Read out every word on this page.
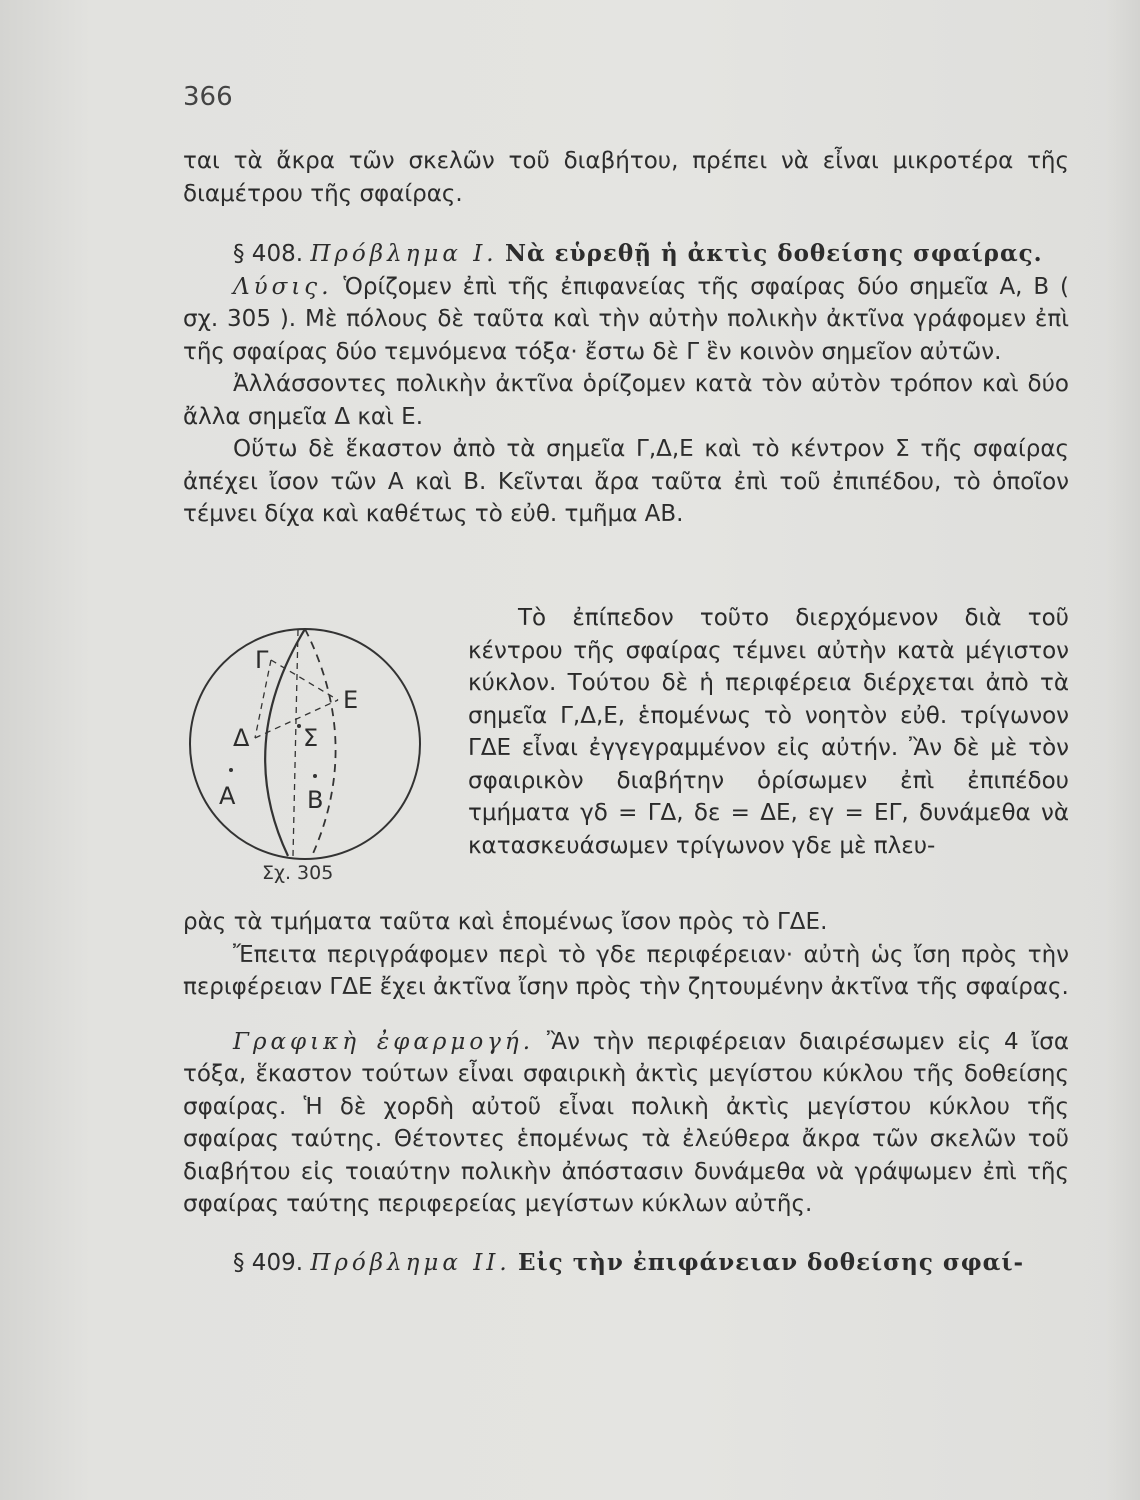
366

ται τὰ ἄκρα τῶν σκελῶν τοῦ διαβήτου, πρέπει νὰ εἶναι μικροτέρα τῆς διαμέτρου τῆς σφαίρας.

§ 408. Πρόβλημα Ι. Νὰ εὑρεθῇ ἡ ἀκτὶς δοθείσης σφαίρας.

Λύσις. Ὁρίζομεν ἐπὶ τῆς ἐπιφανείας τῆς σφαίρας δύο σημεῖα Α, Β ( σχ. 305 ). Μὲ πόλους δὲ ταῦτα καὶ τὴν αὐτὴν πολικὴν ἀκτῖνα γράφομεν ἐπὶ τῆς σφαίρας δύο τεμνόμενα τόξα· ἔστω δὲ Γ ἓν κοινὸν σημεῖον αὐτῶν.

Ἀλλάσσοντες πολικὴν ἀκτῖνα ὁρίζομεν κατὰ τὸν αὐτὸν τρόπον καὶ δύο ἄλλα σημεῖα Δ καὶ Ε.

Οὕτω δὲ ἕκαστον ἀπὸ τὰ σημεῖα Γ,Δ,Ε καὶ τὸ κέντρον Σ τῆς σφαίρας ἀπέχει ἴσον τῶν Α καὶ Β. Κεῖνται ἄρα ταῦτα ἐπὶ τοῦ ἐπιπέδου, τὸ ὁποῖον τέμνει δίχα καὶ καθέτως τὸ εὐθ. τμῆμα ΑΒ.

Γ
Ε
Δ Σ
Α	Β
Σχ. 305

Τὸ ἐπίπεδον τοῦτο διερχόμενον διὰ τοῦ κέντρου τῆς σφαίρας τέμνει αὐτὴν κατὰ μέγιστον κύκλον. Τούτου δὲ ἡ περιφέρεια διέρχεται ἀπὸ τὰ σημεῖα Γ,Δ,Ε, ἑπομένως τὸ νοητὸν εὐθ. τρίγωνον ΓΔΕ εἶναι ἐγγεγραμμένον εἰς αὐτήν. Ἂν δὲ μὲ τὸν σφαιρικὸν διαβήτην ὁρίσωμεν ἐπὶ ἐπιπέδου τμήματα γδ = ΓΔ, δε = ΔΕ, εγ = ΕΓ, δυνάμεθα νὰ κατασκευάσωμεν τρίγωνον γδε μὲ πλευ-

ρὰς τὰ τμήματα ταῦτα καὶ ἑπομένως ἴσον πρὸς τὸ ΓΔΕ.

Ἔπειτα περιγράφομεν περὶ τὸ γδε περιφέρειαν· αὐτὴ ὡς ἴση πρὸς τὴν περιφέρειαν ΓΔΕ ἔχει ἀκτῖνα ἴσην πρὸς τὴν ζητουμένην ἀκτῖνα τῆς σφαίρας.

Γραφικὴ ἐφαρμογή. Ἂν τὴν περιφέρειαν διαιρέσωμεν εἰς 4 ἴσα τόξα, ἕκαστον τούτων εἶναι σφαιρικὴ ἀκτὶς μεγίστου κύκλου τῆς δοθείσης σφαίρας. Ἡ δὲ χορδὴ αὐτοῦ εἶναι πολικὴ ἀκτὶς μεγίστου κύκλου τῆς σφαίρας ταύτης. Θέτοντες ἑπομένως τὰ ἐλεύθερα ἄκρα τῶν σκελῶν τοῦ διαβήτου εἰς τοιαύτην πολικὴν ἀπόστασιν δυνάμεθα νὰ γράψωμεν ἐπὶ τῆς σφαίρας ταύτης περιφερείας μεγίστων κύκλων αὐτῆς.

§ 409. Πρόβλημα ΙΙ. Εἰς τὴν ἐπιφάνειαν δοθείσης σφαί-
